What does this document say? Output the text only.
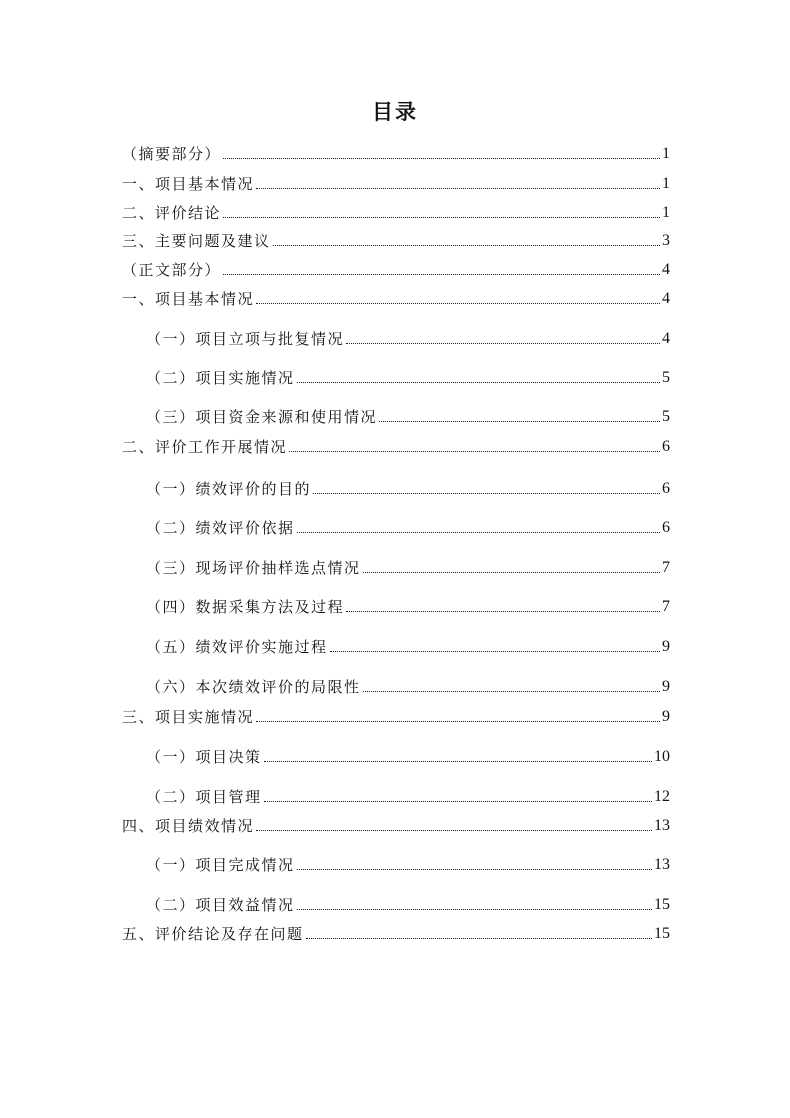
目录
（摘要部分）	1
一、项目基本情况	1
二、评价结论	1
三、主要问题及建议	3
（正文部分）	4
一、项目基本情况	4
（一）项目立项与批复情况	4
（二）项目实施情况	5
（三）项目资金来源和使用情况	5
二、评价工作开展情况	6
（一）绩效评价的目的	6
（二）绩效评价依据	6
（三）现场评价抽样选点情况	7
（四）数据采集方法及过程	7
（五）绩效评价实施过程	9
（六）本次绩效评价的局限性	9
三、项目实施情况	9
（一）项目决策	10
（二）项目管理	12
四、项目绩效情况	13
（一）项目完成情况	13
（二）项目效益情况	15
五、评价结论及存在问题	15
